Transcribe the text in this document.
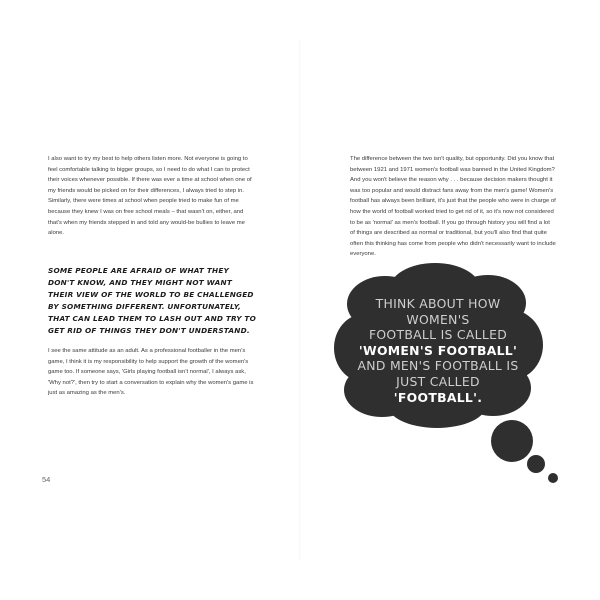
I also want to try my best to help others listen more. Not everyone is going to feel comfortable talking to bigger groups, so I need to do what I can to protect their voices whenever possible. If there was ever a time at school when one of my friends would be picked on for their differences, I always tried to step in. Similarly, there were times at school when people tried to make fun of me because they knew I was on free school meals – that wasn't on, either, and that's when my friends stepped in and told any would-be bullies to leave me alone.

SOME PEOPLE ARE AFRAID OF WHAT THEY DON'T KNOW, AND THEY MIGHT NOT WANT THEIR VIEW OF THE WORLD TO BE CHALLENGED BY SOMETHING DIFFERENT. UNFORTUNATELY, THAT CAN LEAD THEM TO LASH OUT AND TRY TO GET RID OF THINGS THEY DON'T UNDERSTAND.

I see the same attitude as an adult. As a professional footballer in the men's game, I think it is my responsibility to help support the growth of the women's game too. If someone says, 'Girls playing football isn't normal', I always ask, 'Why not?', then try to start a conversation to explain why the women's game is just as amazing as the men's.

54

The difference between the two isn't quality, but opportunity. Did you know that between 1921 and 1971 women's football was banned in the United Kingdom? And you won't believe the reason why . . . because decision makers thought it was too popular and would distract fans away from the men's game! Women's football has always been brilliant, it's just that the people who were in charge of how the world of football worked tried to get rid of it, so it's now not considered to be as 'normal' as men's football. If you go through history you will find a lot of things are described as normal or traditional, but you'll also find that quite often this thinking has come from people who didn't necessarily want to include everyone.

THINK ABOUT HOW WOMEN'S
FOOTBALL IS CALLED
'WOMEN'S FOOTBALL'
AND MEN'S FOOTBALL IS
JUST CALLED
'FOOTBALL'.
